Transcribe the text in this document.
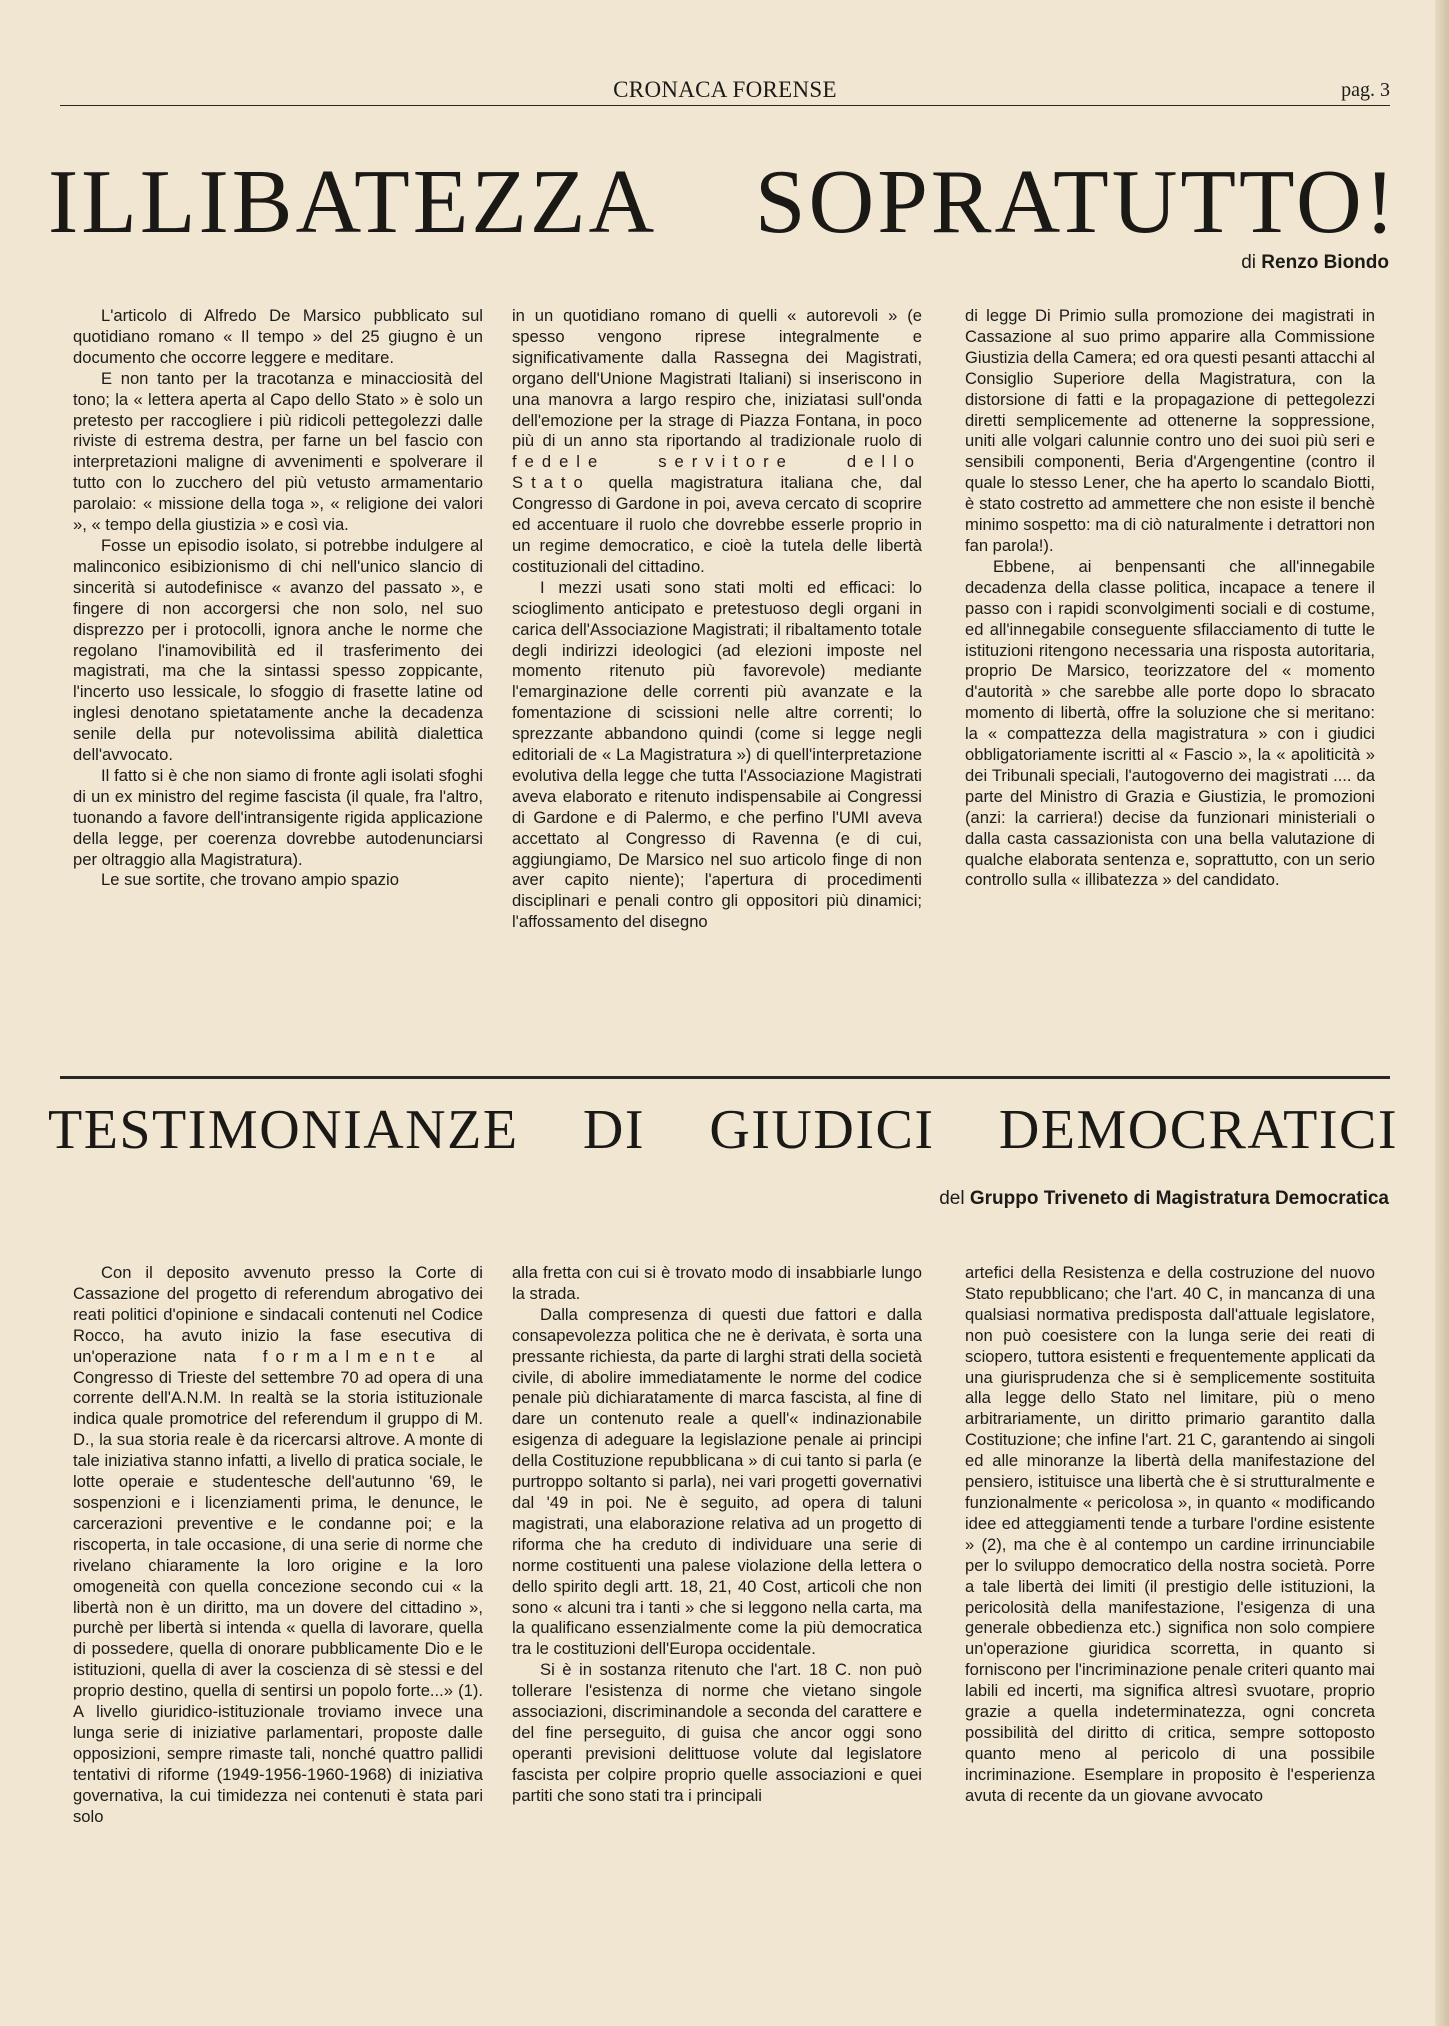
CRONACA FORENSE	pag. 3
ILLIBATEZZA SOPRATUTTO!
di Renzo Biondo

L'articolo di Alfredo De Marsico pubblicato sul quotidiano romano « Il tempo » del 25 giugno è un documento che occorre leggere e meditare.

E non tanto per la tracotanza e minacciosità del tono; la « lettera aperta al Capo dello Stato » è solo un pretesto per raccogliere i più ridicoli pettegolezzi dalle riviste di estrema destra, per farne un bel fascio con interpretazioni maligne di avvenimenti e spolverare il tutto con lo zucchero del più vetusto armamentario parolaio: « missione della toga », « religione dei valori », « tempo della giustizia » e così via.

Fosse un episodio isolato, si potrebbe indulgere al malinconico esibizionismo di chi nell'unico slancio di sincerità si autodefinisce « avanzo del passato », e fingere di non accorgersi che non solo, nel suo disprezzo per i protocolli, ignora anche le norme che regolano l'inamovibilità ed il trasferimento dei magistrati, ma che la sintassi spesso zoppicante, l'incerto uso lessicale, lo sfoggio di frasette latine od inglesi denotano spietatamente anche la decadenza senile della pur notevolissima abilità dialettica dell'avvocato.

Il fatto si è che non siamo di fronte agli isolati sfoghi di un ex ministro del regime fascista (il quale, fra l'altro, tuonando a favore dell'intransigente rigida applicazione della legge, per coerenza dovrebbe autodenunciarsi per oltraggio alla Magistratura).

Le sue sortite, che trovano ampio spazio

in un quotidiano romano di quelli « autorevoli » (e spesso vengono riprese integralmente e significativamente dalla Rassegna dei Magistrati, organo dell'Unione Magistrati Italiani) si inseriscono in una manovra a largo respiro che, iniziatasi sull'onda dell'emozione per la strage di Piazza Fontana, in poco più di un anno sta riportando al tradizionale ruolo di fedele servitore dello Stato quella magistratura italiana che, dal Congresso di Gardone in poi, aveva cercato di scoprire ed accentuare il ruolo che dovrebbe esserle proprio in un regime democratico, e cioè la tutela delle libertà costituzionali del cittadino.

I mezzi usati sono stati molti ed efficaci: lo scioglimento anticipato e pretestuoso degli organi in carica dell'Associazione Magistrati; il ribaltamento totale degli indirizzi ideologici (ad elezioni imposte nel momento ritenuto più favorevole) mediante l'emarginazione delle correnti più avanzate e la fomentazione di scissioni nelle altre correnti; lo sprezzante abbandono quindi (come si legge negli editoriali de « La Magistratura ») di quell'interpretazione evolutiva della legge che tutta l'Associazione Magistrati aveva elaborato e ritenuto indispensabile ai Congressi di Gardone e di Palermo, e che perfino l'UMI aveva accettato al Congresso di Ravenna (e di cui, aggiungiamo, De Marsico nel suo articolo finge di non aver capito niente); l'apertura di procedimenti disciplinari e penali contro gli oppositori più dinamici; l'affossamento del disegno

di legge Di Primio sulla promozione dei magistrati in Cassazione al suo primo apparire alla Commissione Giustizia della Camera; ed ora questi pesanti attacchi al Consiglio Superiore della Magistratura, con la distorsione di fatti e la propagazione di pettegolezzi diretti semplicemente ad ottenerne la soppressione, uniti alle volgari calunnie contro uno dei suoi più seri e sensibili componenti, Beria d'Argengentine (contro il quale lo stesso Lener, che ha aperto lo scandalo Biotti, è stato costretto ad ammettere che non esiste il benchè minimo sospetto: ma di ciò naturalmente i detrattori non fan parola!).

Ebbene, ai benpensanti che all'innegabile decadenza della classe politica, incapace a tenere il passo con i rapidi sconvolgimenti sociali e di costume, ed all'innegabile conseguente sfilacciamento di tutte le istituzioni ritengono necessaria una risposta autoritaria, proprio De Marsico, teorizzatore del « momento d'autorità » che sarebbe alle porte dopo lo sbracato momento di libertà, offre la soluzione che si meritano: la « compattezza della magistratura » con i giudici obbligatoriamente iscritti al « Fascio », la « apoliticità » dei Tribunali speciali, l'autogoverno dei magistrati .... da parte del Ministro di Grazia e Giustizia, le promozioni (anzi: la carriera!) decise da funzionari ministeriali o dalla casta cassazionista con una bella valutazione di qualche elaborata sentenza e, soprattutto, con un serio controllo sulla « illibatezza » del candidato.

TESTIMONIANZE DI GIUDICI DEMOCRATICI
del Gruppo Triveneto di Magistratura Democratica

Con il deposito avvenuto presso la Corte di Cassazione del progetto di referendum abrogativo dei reati politici d'opinione e sindacali contenuti nel Codice Rocco, ha avuto inizio la fase esecutiva di un'operazione nata formalmente al Congresso di Trieste del settembre 70 ad opera di una corrente dell'A.N.M. In realtà se la storia istituzionale indica quale promotrice del referendum il gruppo di M. D., la sua storia reale è da ricercarsi altrove. A monte di tale iniziativa stanno infatti, a livello di pratica sociale, le lotte operaie e studentesche dell'autunno '69, le sospenzioni e i licenziamenti prima, le denunce, le carcerazioni preventive e le condanne poi; e la riscoperta, in tale occasione, di una serie di norme che rivelano chiaramente la loro origine e la loro omogeneità con quella concezione secondo cui « la libertà non è un diritto, ma un dovere del cittadino », purchè per libertà si intenda « quella di lavorare, quella di possedere, quella di onorare pubblicamente Dio e le istituzioni, quella di aver la coscienza di sè stessi e del proprio destino, quella di sentirsi un popolo forte...» (1). A livello giuridico-istituzionale troviamo invece una lunga serie di iniziative parlamentari, proposte dalle opposizioni, sempre rimaste tali, nonché quattro pallidi tentativi di riforme (1949-1956-1960-1968) di iniziativa governativa, la cui timidezza nei contenuti è stata pari solo

alla fretta con cui si è trovato modo di insabbiarle lungo la strada.

Dalla compresenza di questi due fattori e dalla consapevolezza politica che ne è derivata, è sorta una pressante richiesta, da parte di larghi strati della società civile, di abolire immediatamente le norme del codice penale più dichiaratamente di marca fascista, al fine di dare un contenuto reale a quell'« indinazionabile esigenza di adeguare la legislazione penale ai principi della Costituzione repubblicana » di cui tanto si parla (e purtroppo soltanto si parla), nei vari progetti governativi dal '49 in poi. Ne è seguito, ad opera di taluni magistrati, una elaborazione relativa ad un progetto di riforma che ha creduto di individuare una serie di norme costituenti una palese violazione della lettera o dello spirito degli artt. 18, 21, 40 Cost, articoli che non sono « alcuni tra i tanti » che si leggono nella carta, ma la qualificano essenzialmente come la più democratica tra le costituzioni dell'Europa occidentale.

Si è in sostanza ritenuto che l'art. 18 C. non può tollerare l'esistenza di norme che vietano singole associazioni, discriminandole a seconda del carattere e del fine perseguito, di guisa che ancor oggi sono operanti previsioni delittuose volute dal legislatore fascista per colpire proprio quelle associazioni e quei partiti che sono stati tra i principali

artefici della Resistenza e della costruzione del nuovo Stato repubblicano; che l'art. 40 C, in mancanza di una qualsiasi normativa predisposta dall'attuale legislatore, non può coesistere con la lunga serie dei reati di sciopero, tuttora esistenti e frequentemente applicati da una giurisprudenza che si è semplicemente sostituita alla legge dello Stato nel limitare, più o meno arbitrariamente, un diritto primario garantito dalla Costituzione; che infine l'art. 21 C, garantendo ai singoli ed alle minoranze la libertà della manifestazione del pensiero, istituisce una libertà che è si strutturalmente e funzionalmente « pericolosa », in quanto « modificando idee ed atteggiamenti tende a turbare l'ordine esistente » (2), ma che è al contempo un cardine irrinunciabile per lo sviluppo democratico della nostra società. Porre a tale libertà dei limiti (il prestigio delle istituzioni, la pericolosità della manifestazione, l'esigenza di una generale obbedienza etc.) significa non solo compiere un'operazione giuridica scorretta, in quanto si forniscono per l'incriminazione penale criteri quanto mai labili ed incerti, ma significa altresì svuotare, proprio grazie a quella indeterminatezza, ogni concreta possibilità del diritto di critica, sempre sottoposto quanto meno al pericolo di una possibile incriminazione. Esemplare in proposito è l'esperienza avuta di recente da un giovane avvocato
